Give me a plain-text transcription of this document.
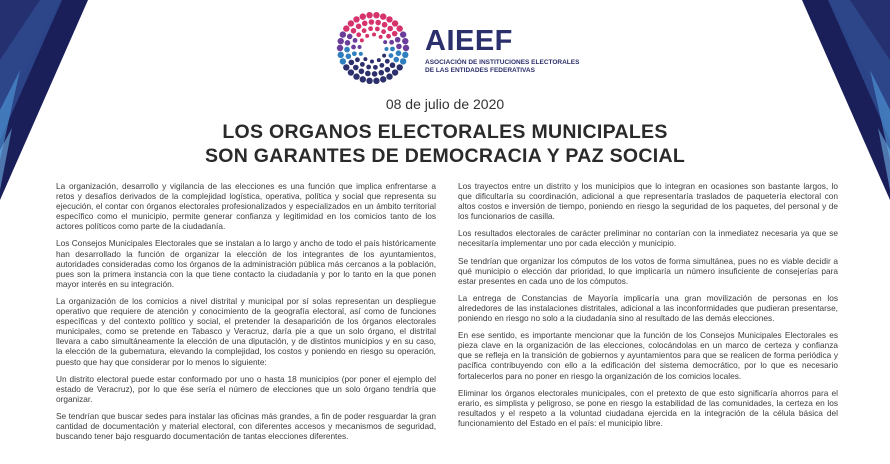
AIEEF
ASOCIACIÓN DE INSTITUCIONES ELECTORALES
DE LAS ENTIDADES FEDERATIVAS
08 de julio de 2020
LOS ORGANOS ELECTORALES MUNICIPALES
SON GARANTES DE DEMOCRACIA Y PAZ SOCIAL

La organización, desarrollo y vigilancia de las elecciones es una función que implica enfrentarse a retos y desafíos derivados de la complejidad logística, operativa, política y social que representa su ejecución, el contar con órganos electorales profesionalizados y especializados en un ámbito territorial específico como el municipio, permite generar confianza y legitimidad en los comicios tanto de los actores políticos como parte de la ciudadanía.

Los Consejos Municipales Electorales que se instalan a lo largo y ancho de todo el país históricamente han desarrollado la función de organizar la elección de los integrantes de los ayuntamientos, autoridades consideradas como los órganos de la administración pública más cercanos a la población, pues son la primera instancia con la que tiene contacto la ciudadanía y por lo tanto en la que ponen mayor interés en su integración.

La organización de los comicios a nivel distrital y municipal por sí solas representan un despliegue operativo que requiere de atención y conocimiento de la geografía electoral, así como de funciones específicas y del contexto político y social, el pretender la desaparición de los órganos electorales municipales, como se pretende en Tabasco y Veracruz, daría pie a que un solo órgano, el distrital llevara a cabo simultáneamente la elección de una diputación, y de distintos municipios y en su caso, la elección de la gubernatura, elevando la complejidad, los costos y poniendo en riesgo su operación, puesto que hay que considerar por lo menos lo siguiente:

Un distrito electoral puede estar conformado por uno o hasta 18 municipios (por poner el ejemplo del estado de Veracruz), por lo que ése sería el número de elecciones que un solo órgano tendría que organizar.

Se tendrían que buscar sedes para instalar las oficinas más grandes, a fin de poder resguardar la gran cantidad de documentación y material electoral, con diferentes accesos y mecanismos de seguridad, buscando tener bajo resguardo documentación de tantas elecciones diferentes.

Los trayectos entre un distrito y los municipios que lo integran en ocasiones son bastante largos, lo que dificultaría su coordinación, adicional a que representaría traslados de paquetería electoral con altos costos e inversión de tiempo, poniendo en riesgo la seguridad de los paquetes, del personal y de los funcionarios de casilla.

Los resultados electorales de carácter preliminar no contarían con la inmediatez necesaria ya que se necesitaría implementar uno por cada elección y municipio.

Se tendrían que organizar los cómputos de los votos de forma simultánea, pues no es viable decidir a qué municipio o elección dar prioridad, lo que implicaría un número insuficiente de consejerías para estar presentes en cada uno de los cómputos.

La entrega de Constancias de Mayoría implicaría una gran movilización de personas en los alrededores de las instalaciones distritales, adicional a las inconformidades que pudieran presentarse, poniendo en riesgo no solo a la ciudadanía sino al resultado de las demás elecciones.

En ese sentido, es importante mencionar que la función de los Consejos Municipales Electorales es pieza clave en la organización de las elecciones, colocándolas en un marco de certeza y confianza que se refleja en la transición de gobiernos y ayuntamientos para que se realicen de forma periódica y pacífica contribuyendo con ello a la edificación del sistema democrático, por lo que es necesario fortalecerlos para no poner en riesgo la organización de los comicios locales.

Eliminar los órganos electorales municipales, con el pretexto de que esto significaría ahorros para el erario, es simplista y peligroso, se pone en riesgo la estabilidad de las comunidades, la certeza en los resultados y el respeto a la voluntad ciudadana ejercida en la integración de la célula básica del funcionamiento del Estado en el país: el municipio libre.
